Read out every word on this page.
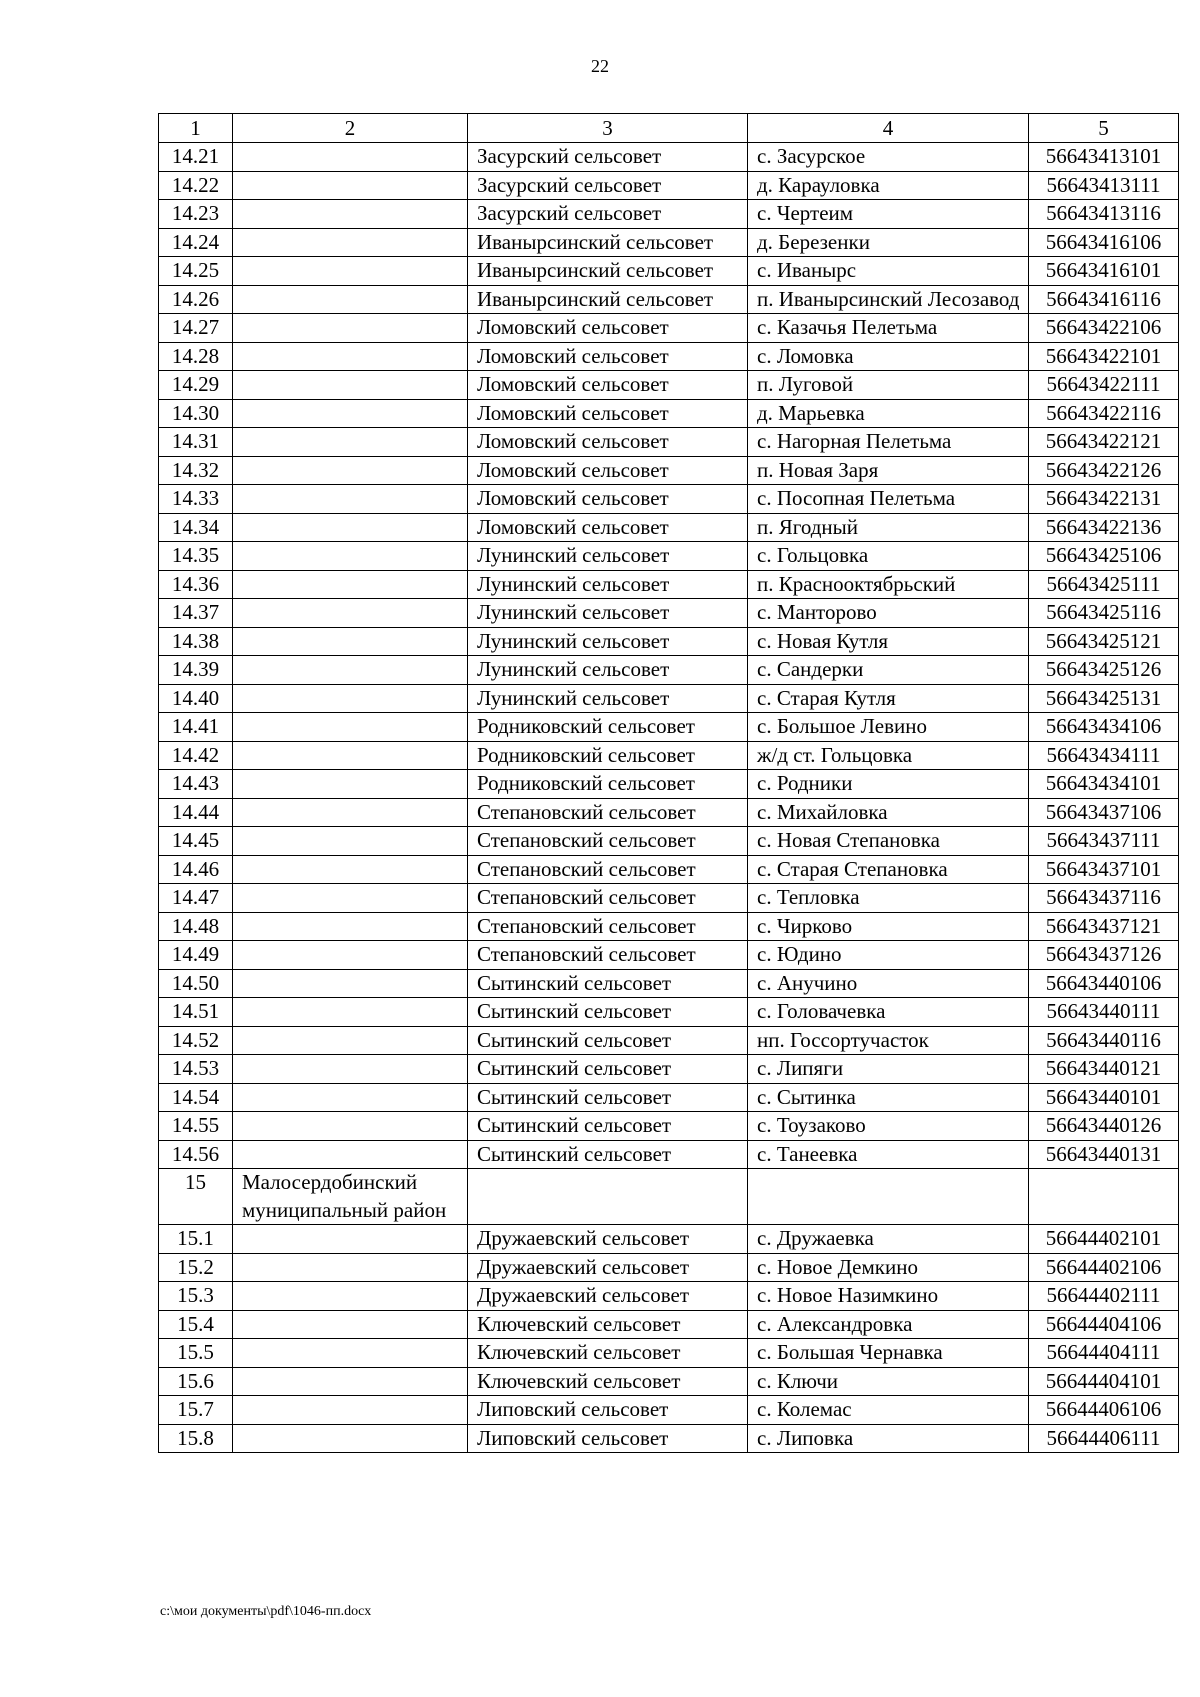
22
1	2	3	4	5
14.21		Засурский сельсовет	с. Засурское	56643413101
14.22		Засурский сельсовет	д. Карауловка	56643413111
14.23		Засурский сельсовет	с. Чертеим	56643413116
14.24		Иванырсинский сельсовет	д. Березенки	56643416106
14.25		Иванырсинский сельсовет	с. Иваныpc	56643416101
14.26		Иванырсинский сельсовет	п. Иваныpсинский Лесозавод	56643416116
14.27		Ломовский сельсовет	с. Казачья Пелетьма	56643422106
14.28		Ломовский сельсовет	с. Ломовка	56643422101
14.29		Ломовский сельсовет	п. Луговой	56643422111
14.30		Ломовский сельсовет	д. Марьевка	56643422116
14.31		Ломовский сельсовет	с. Нагорная Пелетьма	56643422121
14.32		Ломовский сельсовет	п. Новая Заря	56643422126
14.33		Ломовский сельсовет	с. Посопная Пелетьма	56643422131
14.34		Ломовский сельсовет	п. Ягодный	56643422136
14.35		Лунинский сельсовет	с. Гольцовка	56643425106
14.36		Лунинский сельсовет	п. Краснооктябрьский	56643425111
14.37		Лунинский сельсовет	с. Манторово	56643425116
14.38		Лунинский сельсовет	с. Новая Кутля	56643425121
14.39		Лунинский сельсовет	с. Сандерки	56643425126
14.40		Лунинский сельсовет	с. Старая Кутля	56643425131
14.41		Родниковский сельсовет	с. Большое Левино	56643434106
14.42		Родниковский сельсовет	ж/д ст. Гольцовка	56643434111
14.43		Родниковский сельсовет	с. Родники	56643434101
14.44		Степановский сельсовет	с. Михайловка	56643437106
14.45		Степановский сельсовет	с. Новая Степановка	56643437111
14.46		Степановский сельсовет	с. Старая Степановка	56643437101
14.47		Степановский сельсовет	с. Тепловка	56643437116
14.48		Степановский сельсовет	с. Чирково	56643437121
14.49		Степановский сельсовет	с. Юдино	56643437126
14.50		Сытинский сельсовет	с. Анучино	56643440106
14.51		Сытинский сельсовет	с. Головачевка	56643440111
14.52		Сытинский сельсовет	нп. Госсортучасток	56643440116
14.53		Сытинский сельсовет	с. Липяги	56643440121
14.54		Сытинский сельсовет	с. Сытинка	56643440101
14.55		Сытинский сельсовет	с. Тоузаково	56643440126
14.56		Сытинский сельсовет	с. Танеевка	56643440131
15	Малосердобинский муниципальный район			
15.1		Дружаевский сельсовет	с. Дружаевка	56644402101
15.2		Дружаевский сельсовет	с. Новое Демкино	56644402106
15.3		Дружаевский сельсовет	с. Новое Назимкино	56644402111
15.4		Ключевский сельсовет	с. Александровка	56644404106
15.5		Ключевский сельсовет	с. Большая Чернавка	56644404111
15.6		Ключевский сельсовет	с. Ключи	56644404101
15.7		Липовский сельсовет	с. Колемас	56644406106
15.8		Липовский сельсовет	с. Липовка	56644406111
c:\мои документы\pdf\1046-пп.docx
